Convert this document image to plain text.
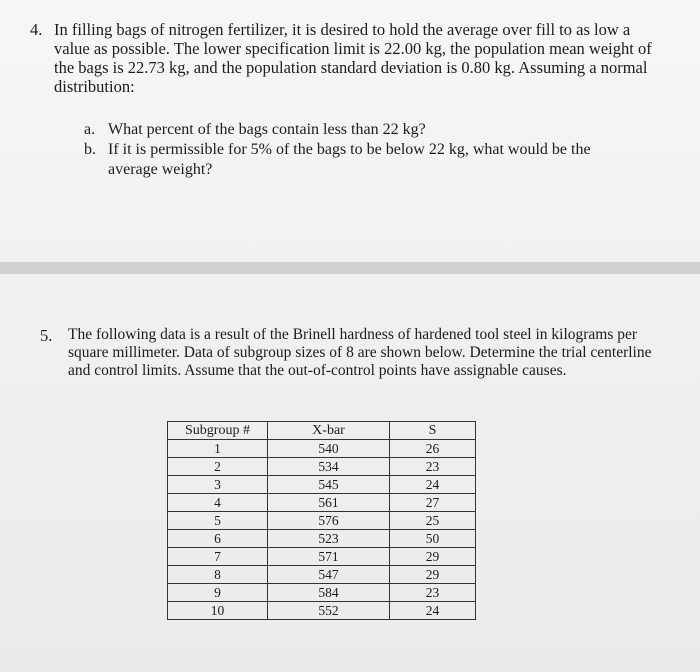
4. In filling bags of nitrogen fertilizer, it is desired to hold the average over fill to as low a value as possible. The lower specification limit is 22.00 kg, the population mean weight of the bags is 22.73 kg, and the population standard deviation is 0.80 kg. Assuming a normal distribution:
a. What percent of the bags contain less than 22 kg?
b. If it is permissible for 5% of the bags to be below 22 kg, what would be the average weight?
5. The following data is a result of the Brinell hardness of hardened tool steel in kilograms per square millimeter. Data of subgroup sizes of 8 are shown below. Determine the trial centerline and control limits. Assume that the out-of-control points have assignable causes.
Subgroup #	X-bar	S
1	540	26
2	534	23
3	545	24
4	561	27
5	576	25
6	523	50
7	571	29
8	547	29
9	584	23
10	552	24
